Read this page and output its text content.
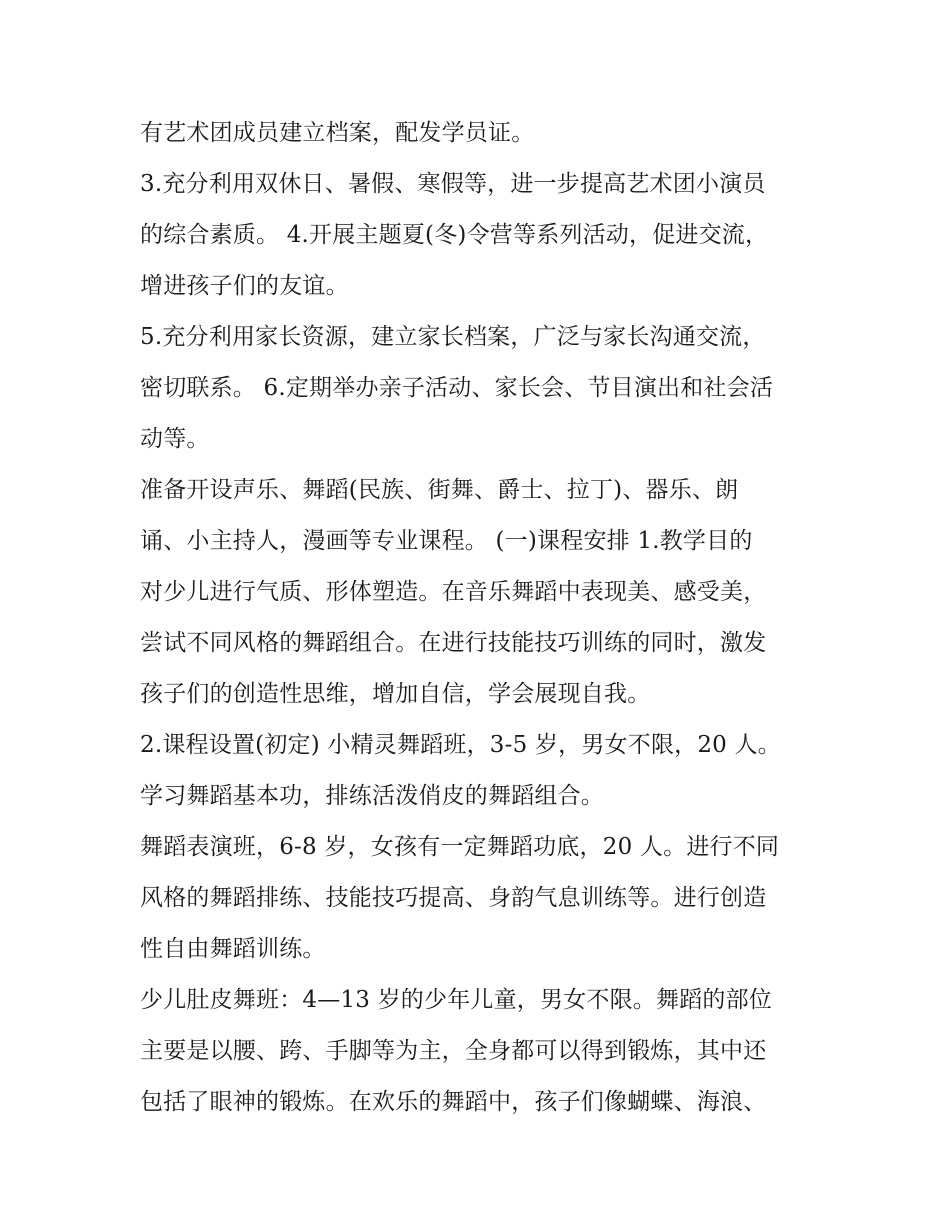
有艺术团成员建立档案，配发学员证。
3.充分利用双休日、暑假、寒假等，进一步提高艺术团小演员
的综合素质。 4.开展主题夏(冬)令营等系列活动，促进交流，
增进孩子们的友谊。
5.充分利用家长资源，建立家长档案，广泛与家长沟通交流，
密切联系。 6.定期举办亲子活动、家长会、节目演出和社会活
动等。
准备开设声乐、舞蹈(民族、街舞、爵士、拉丁)、器乐、朗
诵、小主持人，漫画等专业课程。 (一)课程安排 1.教学目的
对少儿进行气质、形体塑造。在音乐舞蹈中表现美、感受美，
尝试不同风格的舞蹈组合。在进行技能技巧训练的同时，激发
孩子们的创造性思维，增加自信，学会展现自我。
2.课程设置(初定) 小精灵舞蹈班，3-5 岁，男女不限，20 人。
学习舞蹈基本功，排练活泼俏皮的舞蹈组合。
舞蹈表演班，6-8 岁，女孩有一定舞蹈功底，20 人。进行不同
风格的舞蹈排练、技能技巧提高、身韵气息训练等。进行创造
性自由舞蹈训练。
少儿肚皮舞班：4—13 岁的少年儿童，男女不限。舞蹈的部位
主要是以腰、跨、手脚等为主，全身都可以得到锻炼，其中还
包括了眼神的锻炼。在欢乐的舞蹈中，孩子们像蝴蝶、海浪、
